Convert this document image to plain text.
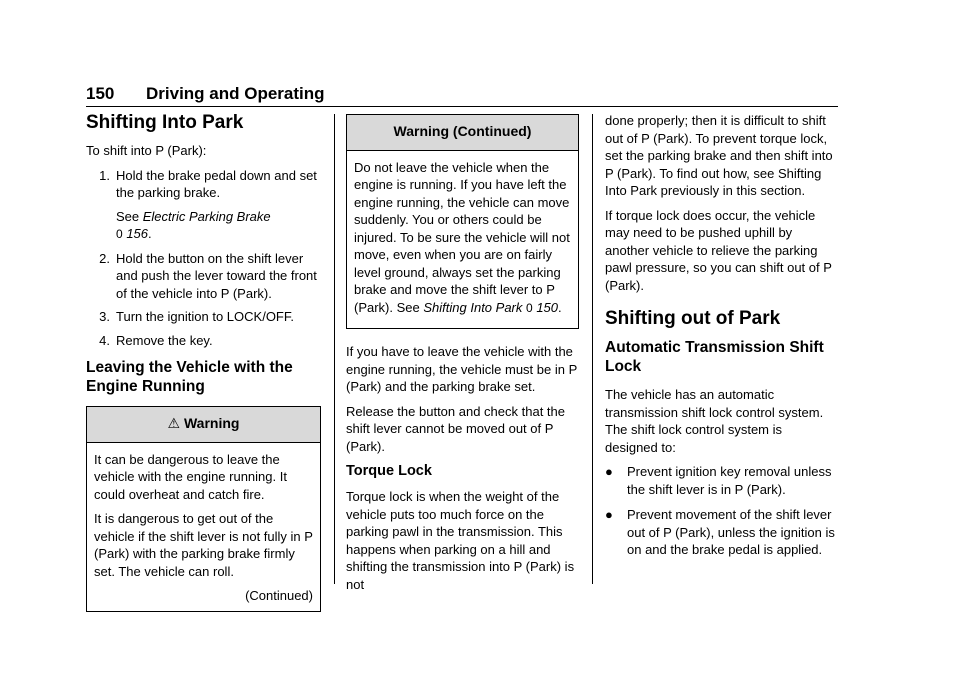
150 Driving and Operating
Shifting Into Park

To shift into P (Park):

1. Hold the brake pedal down and set the parking brake.
See Electric Parking Brake
0 156.
2. Hold the button on the shift lever and push the lever toward the front of the vehicle into P (Park).
3. Turn the ignition to LOCK/OFF.
4. Remove the key.
Leaving the Vehicle with the Engine Running
⚠ Warning

It can be dangerous to leave the vehicle with the engine running. It could overheat and catch fire.

It is dangerous to get out of the vehicle if the shift lever is not fully in P (Park) with the parking brake firmly set. The vehicle can roll.

(Continued)
Warning (Continued)

Do not leave the vehicle when the engine is running. If you have left the engine running, the vehicle can move suddenly. You or others could be injured. To be sure the vehicle will not move, even when you are on fairly level ground, always set the parking brake and move the shift lever to P (Park). See Shifting Into Park 0 150.

If you have to leave the vehicle with the engine running, the vehicle must be in P (Park) and the parking brake set.

Release the button and check that the shift lever cannot be moved out of P (Park).

Torque Lock

Torque lock is when the weight of the vehicle puts too much force on the parking pawl in the transmission. This happens when parking on a hill and shifting the transmission into P (Park) is not

done properly; then it is difficult to shift out of P (Park). To prevent torque lock, set the parking brake and then shift into P (Park). To find out how, see Shifting Into Park previously in this section.

If torque lock does occur, the vehicle may need to be pushed uphill by another vehicle to relieve the parking pawl pressure, so you can shift out of P (Park).

Shifting out of Park
Automatic Transmission Shift Lock

The vehicle has an automatic transmission shift lock control system. The shift lock control system is designed to:

● Prevent ignition key removal unless the shift lever is in P (Park).
● Prevent movement of the shift lever out of P (Park), unless the ignition is on and the brake pedal is applied.
